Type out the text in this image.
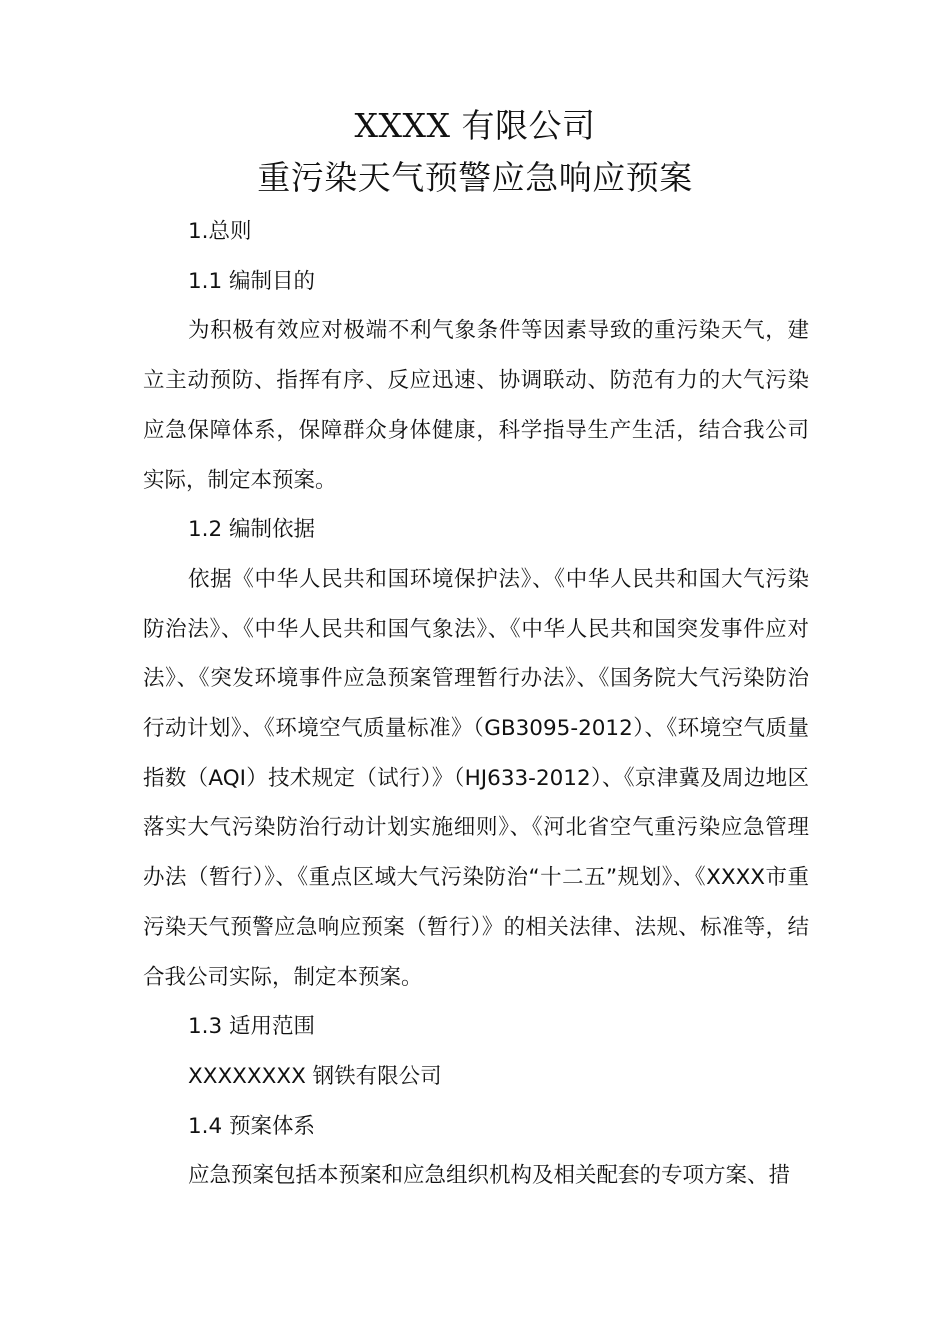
XXXX 有限公司
重污染天气预警应急响应预案

1.总则

1.1 编制目的

为积极有效应对极端不利气象条件等因素导致的重污染天气，建立主动预防、指挥有序、反应迅速、协调联动、防范有力的大气污染应急保障体系，保障群众身体健康，科学指导生产生活，结合我公司实际，制定本预案。

1.2 编制依据

依据《中华人民共和国环境保护法》、《中华人民共和国大气污染防治法》、《中华人民共和国气象法》、《中华人民共和国突发事件应对法》、《突发环境事件应急预案管理暂行办法》、《国务院大气污染防治行动计划》、《环境空气质量标准》（GB3095-2012）、《环境空气质量指数（AQI）技术规定（试行）》（HJ633-2012）、《京津冀及周边地区落实大气污染防治行动计划实施细则》、《河北省空气重污染应急管理办法（暂行）》、《重点区域大气污染防治“十二五”规划》、《XXXX市重污染天气预警应急响应预案（暂行）》的相关法律、法规、标准等，结合我公司实际，制定本预案。

1.3 适用范围

XXXXXXXX 钢铁有限公司

1.4 预案体系

应急预案包括本预案和应急组织机构及相关配套的专项方案、措
